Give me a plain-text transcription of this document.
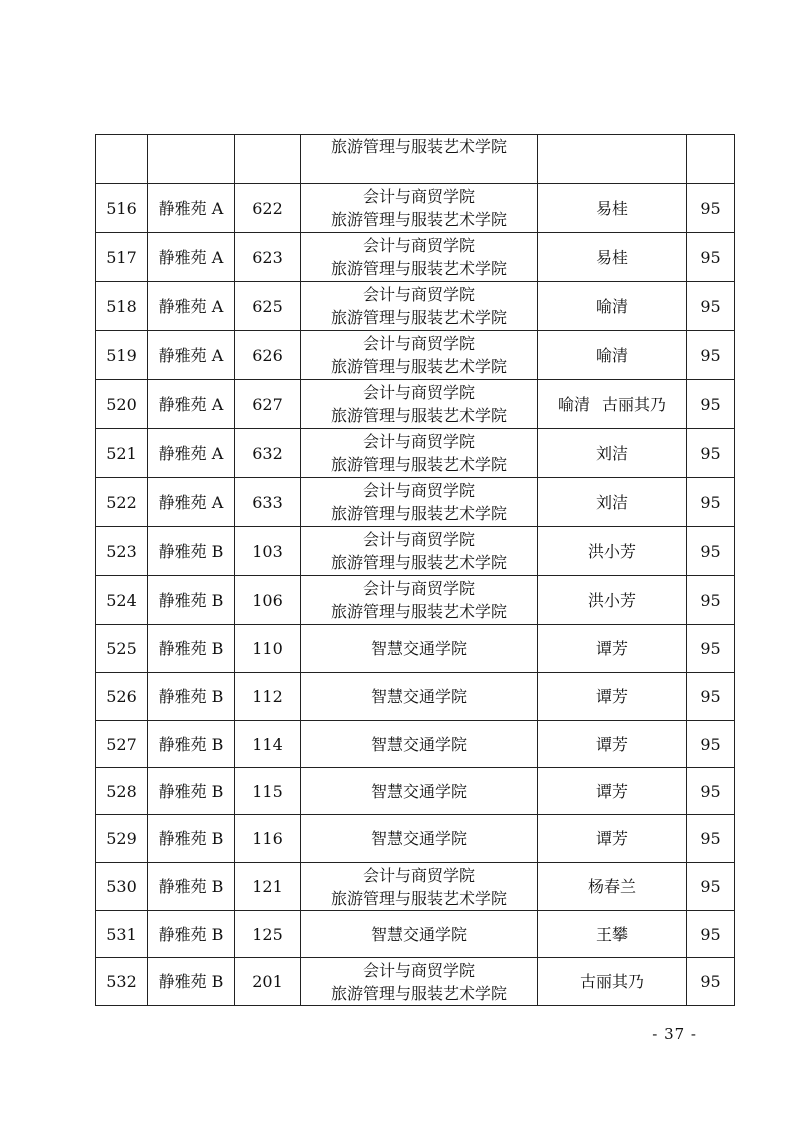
			旅游管理与服装艺术学院		

516	静雅苑 A	622	会计与商贸学院
旅游管理与服装艺术学院	易桂	95
517	静雅苑 A	623	会计与商贸学院
旅游管理与服装艺术学院	易桂	95
518	静雅苑 A	625	会计与商贸学院
旅游管理与服装艺术学院	喻清	95
519	静雅苑 A	626	会计与商贸学院
旅游管理与服装艺术学院	喻清	95
520	静雅苑 A	627	会计与商贸学院
旅游管理与服装艺术学院	喻清 古丽其乃	95
521	静雅苑 A	632	会计与商贸学院
旅游管理与服装艺术学院	刘洁	95
522	静雅苑 A	633	会计与商贸学院
旅游管理与服装艺术学院	刘洁	95
523	静雅苑 B	103	会计与商贸学院
旅游管理与服装艺术学院	洪小芳	95
524	静雅苑 B	106	会计与商贸学院
旅游管理与服装艺术学院	洪小芳	95
525	静雅苑 B	110	智慧交通学院	谭芳	95
526	静雅苑 B	112	智慧交通学院	谭芳	95
527	静雅苑 B	114	智慧交通学院	谭芳	95
528	静雅苑 B	115	智慧交通学院	谭芳	95
529	静雅苑 B	116	智慧交通学院	谭芳	95
530	静雅苑 B	121	会计与商贸学院
旅游管理与服装艺术学院	杨春兰	95
531	静雅苑 B	125	智慧交通学院	王攀	95
532	静雅苑 B	201	会计与商贸学院
旅游管理与服装艺术学院	古丽其乃	95
- 37 -
